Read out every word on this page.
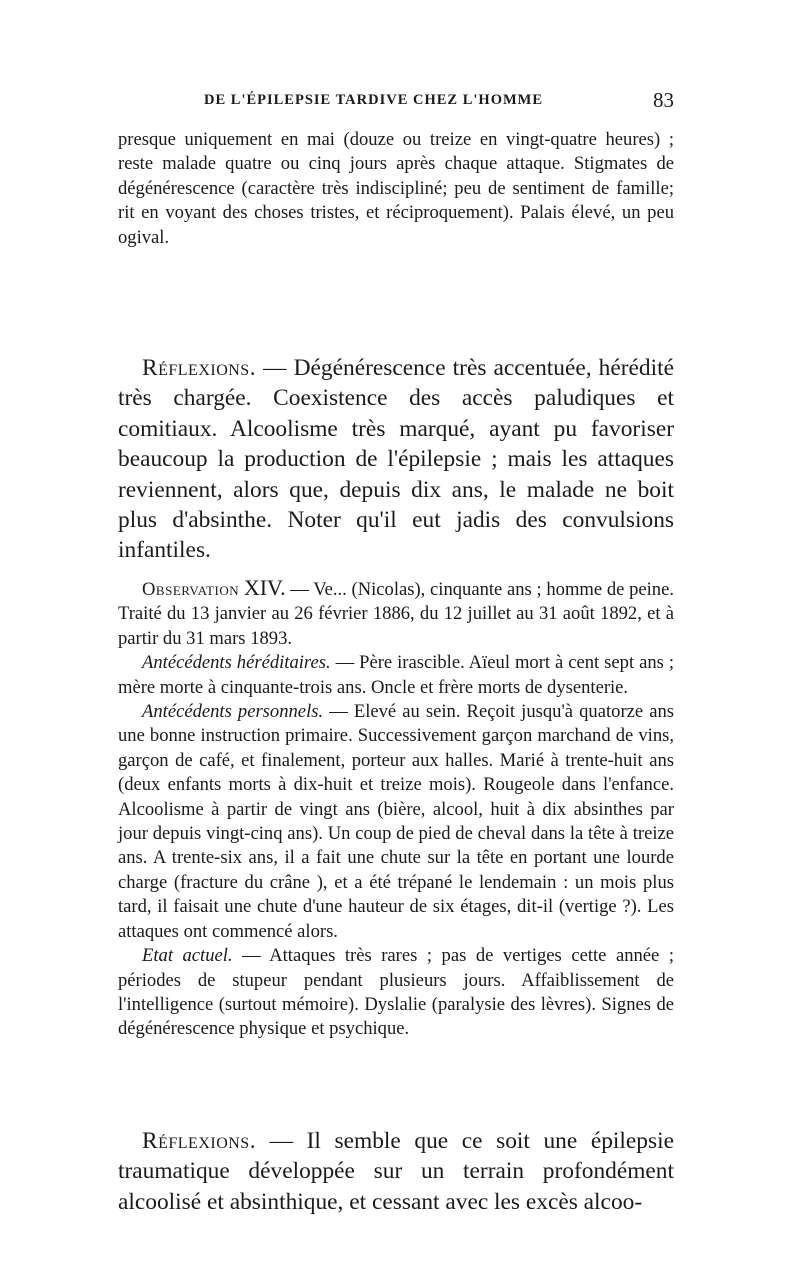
DE L'ÉPILEPSIE TARDIVE CHEZ L'HOMME	83

presque uniquement en mai (douze ou treize en vingt-quatre heures) ; reste malade quatre ou cinq jours après chaque attaque. Stigmates de dégénérescence (caractère très indiscipliné; peu de sentiment de famille; rit en voyant des choses tristes, et réciproquement). Palais élevé, un peu ogival.

Réflexions. — Dégénérescence très accentuée, hérédité très chargée. Coexistence des accès paludiques et comitiaux. Alcoolisme très marqué, ayant pu favoriser beaucoup la production de l'épilepsie ; mais les attaques reviennent, alors que, depuis dix ans, le malade ne boit plus d'absinthe. Noter qu'il eut jadis des convulsions infantiles.

Observation XIV. — Ve... (Nicolas), cinquante ans ; homme de peine. Traité du 13 janvier au 26 février 1886, du 12 juillet au 31 août 1892, et à partir du 31 mars 1893.

Antécédents héréditaires. — Père irascible. Aïeul mort à cent sept ans ; mère morte à cinquante-trois ans. Oncle et frère morts de dysenterie.

Antécédents personnels. — Elevé au sein. Reçoit jusqu'à quatorze ans une bonne instruction primaire. Successivement garçon marchand de vins, garçon de café, et finalement, porteur aux halles. Marié à trente-huit ans (deux enfants morts à dix-huit et treize mois). Rougeole dans l'enfance. Alcoolisme à partir de vingt ans (bière, alcool, huit à dix absinthes par jour depuis vingt-cinq ans). Un coup de pied de cheval dans la tête à treize ans. A trente-six ans, il a fait une chute sur la tête en portant une lourde charge (fracture du crâne ), et a été trépané le lendemain : un mois plus tard, il faisait une chute d'une hauteur de six étages, dit-il (vertige ?). Les attaques ont commencé alors.

Etat actuel. — Attaques très rares ; pas de vertiges cette année ; périodes de stupeur pendant plusieurs jours. Affaiblissement de l'intelligence (surtout mémoire). Dyslalie (paralysie des lèvres). Signes de dégénérescence physique et psychique.

Réflexions. — Il semble que ce soit une épilepsie traumatique développée sur un terrain profondément alcoolisé et absinthique, et cessant avec les excès alcoo-
